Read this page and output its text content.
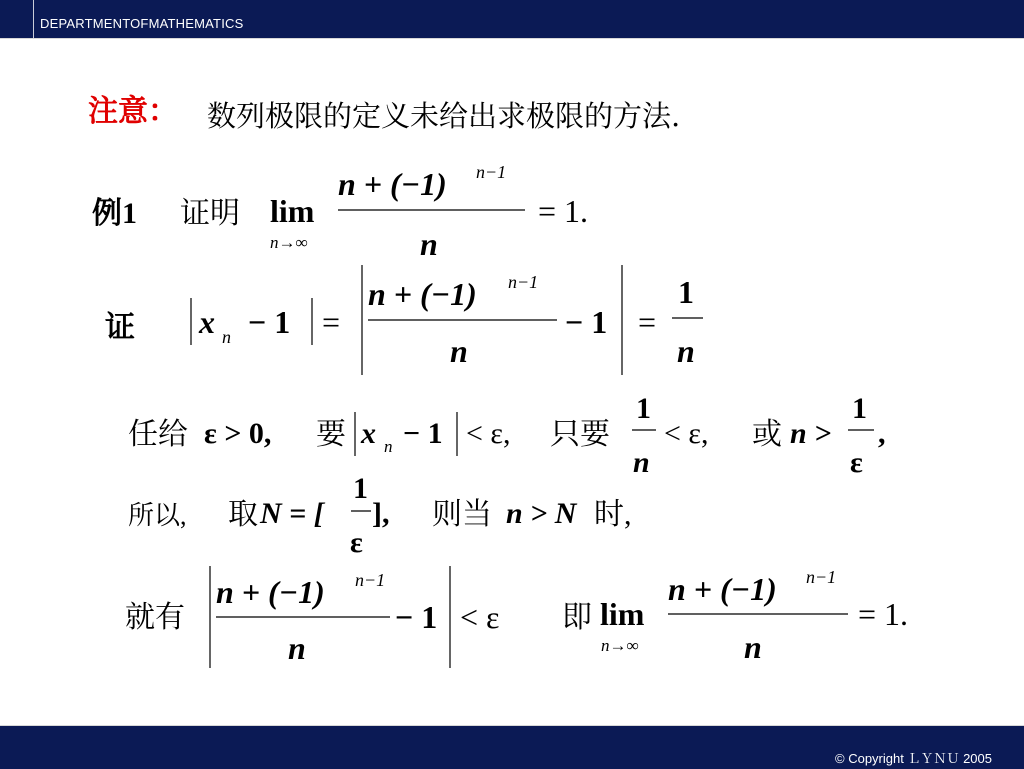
DEPARTMENTOFMATHEMATICS
注意： 数列极限的定义未给出求极限的方法.
例1 证明 lim
n→∞
n + (−1) n−1
n
= 1.
证 x n − 1 =
n + (−1) n−1
n
− 1 =
1
n
任给 ε > 0, 要 x n − 1 < ε, 只要
1
n
< ε, 或 n >
1
ε
,
所以, 取 N = [
1
ε
], 则当 n > N 时,
就有
n + (−1) n−1
n
− 1 < ε 即 lim
n→∞
n + (−1) n−1
n
= 1.
© Copyright ＬＹＮＵ 2005
